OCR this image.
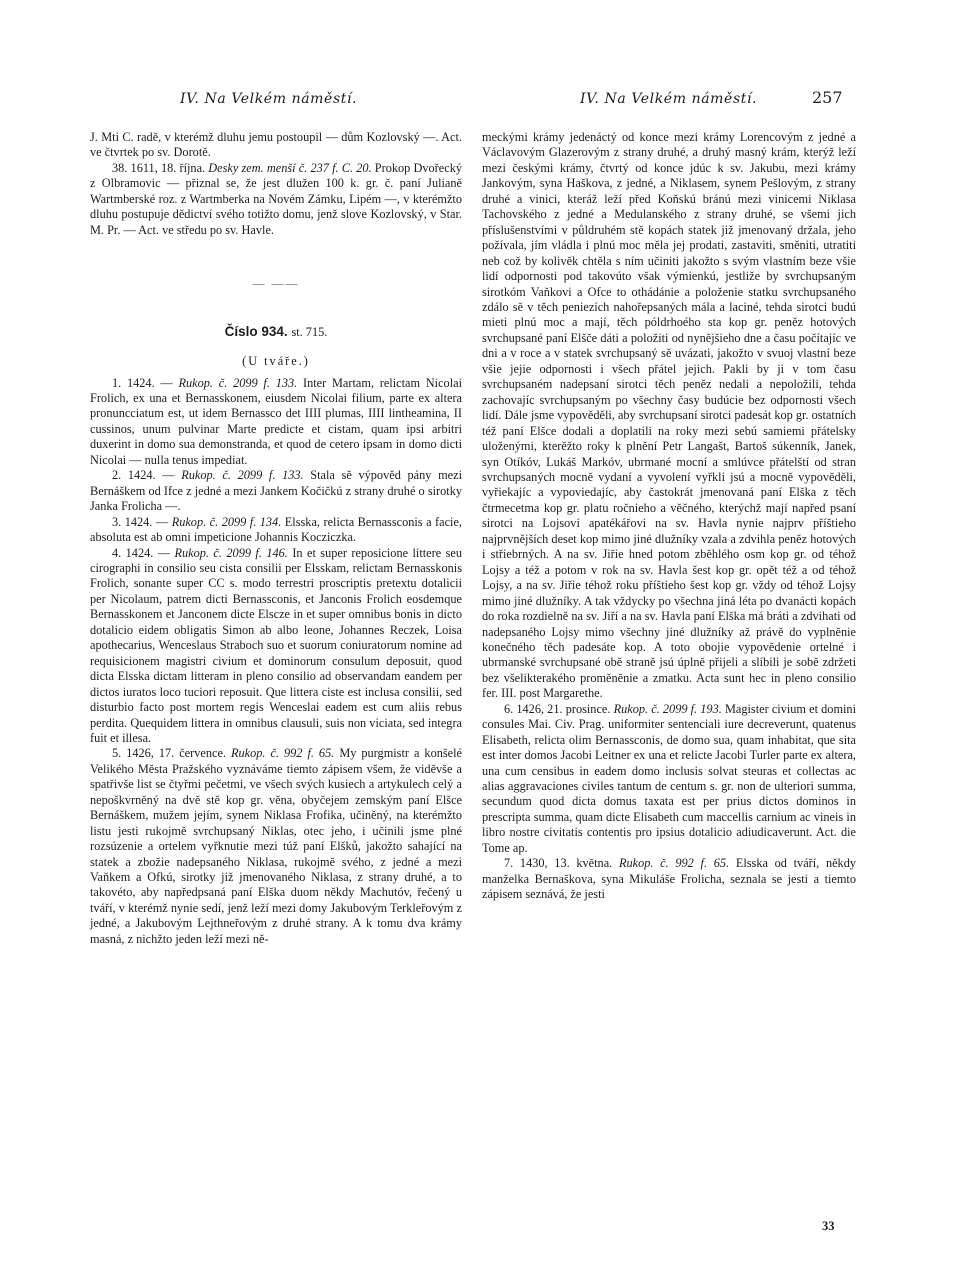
IV. Na Velkém náměstí.	IV. Na Velkém náměstí.	257

J. Mti C. radě, v kterémž dluhu jemu postoupil — dům Kozlovský —. Act. ve čtvrtek po sv. Dorotě.

38. 1611, 18. října. Desky zem. menší č. 237 f. C. 20. Prokop Dvořecký z Olbramovic — přiznal se, že jest dlužen 100 k. gr. č. paní Julianě Wartmberské roz. z Wartmberka na Novém Zámku, Lipém —, v kterémžto dluhu postupuje dědictví svého totižto domu, jenž slove Kozlovský, v Star. M. Pr. — Act. ve středu po sv. Havle.

— ——
Číslo 934. st. 715.
(U tváře.)

1. 1424. — Rukop. č. 2099 f. 133. Inter Martam, relictam Nicolai Frolich, ex una et Bernasskonem, eiusdem Nicolai filium, parte ex altera pronuncciatum est, ut idem Bernassco det IIII plumas, IIII lintheamina, II cussinos, unum pulvinar Marte predicte et cistam, quam ipsi arbitri duxerint in domo sua demonstranda, et quod de cetero ipsam in domo dicti Nicolai — nulla tenus impediat.

2. 1424. — Rukop. č. 2099 f. 133. Stala sě výpověd pány mezi Bernáškem od Ifce z jedné a mezi Jankem Kočičkú z strany druhé o sirotky Janka Frolicha —.

3. 1424. — Rukop. č. 2099 f. 134. Elsska, relicta Bernassconis a facie, absoluta est ab omni impeticione Johannis Kocziczka.

4. 1424. — Rukop. č. 2099 f. 146. In et super reposicione littere seu cirographi in consilio seu cista consilii per Elsskam, relictam Bernasskonis Frolich, sonante super CC s. modo terrestri proscriptis pretextu dotalicii per Nicolaum, patrem dicti Bernassconis, et Janconis Frolich eosdemque Bernasskonem et Janconem dicte Elscze in et super omnibus bonis in dicto dotalicio eidem obligatis Simon ab albo leone, Johannes Reczek, Loisa apothecarius, Wenceslaus Straboch suo et suorum coniuratorum nomine ad requisicionem magistri civium et dominorum consulum deposuit, quod dicta Elsska dictam litteram in pleno consilio ad observandam eandem per dictos iuratos loco tuciori reposuit. Que littera ciste est inclusa consilii, sed disturbio facto post mortem regis Wenceslai eadem est cum aliis rebus perdita. Quequidem littera in omnibus clausuli, suis non viciata, sed integra fuit et illesa.

5. 1426, 17. července. Rukop. č. 992 f. 65. My purgmistr a konšelé Velikého Města Pražského vyznáváme tiemto zápisem všem, že viděvše a spatřivše list se čtyřmi pečetmi, ve všech svých kusiech a artykulech celý a nepoškvrněný na dvě stě kop gr. věna, obyčejem zemským paní Elšce Bernáškem, mužem jejím, synem Niklasa Frofika, učiněný, na kterémžto listu jesti rukojmě svrchupsaný Niklas, otec jeho, i učinili jsme plné rozsúzenie a ortelem vyřknutie mezi túž paní Elšků, jakožto sahající na statek a zbožie nadepsaného Niklasa, rukojmě svého, z jedné a mezi Vaňkem a Ofkú, sirotky již jmenovaného Niklasa, z strany druhé, a to takovéto, aby napředpsaná paní Elška duom někdy Machutóv, řečený u tváří, v kterémž nynie sedí, jenž leží mezi domy Jakubovým Terkleřovým z jedné, a Jakubovým Lejthneřovým z druhé strany. A k tomu dva krámy masná, z nichžto jeden leží mezi ně-

meckými krámy jedenáctý od konce mezi krámy Lorencovým z jedné a Václavovým Glazerovým z strany druhé, a druhý masný krám, kterýž leží mezi českými krámy, čtvrtý od konce jdúc k sv. Jakubu, mezi krámy Jankovým, syna Haškova, z jedné, a Niklasem, synem Pešlovým, z strany druhé a vinici, kteráž leží před Koňskú bránú mezi vinicemi Niklasa Tachovského z jedné a Medulanského z strany druhé, se všemi jich příslušenstvími v půldruhém stě kopách statek již jmenovaný držala, jeho požívala, jím vládla i plnú moc měla jej prodati, zastaviti, směniti, utratiti neb což by kolivěk chtěla s ním učiniti jakožto s svým vlastním beze všie lidí odpornosti pod takovúto však výmienkú, jestliže by svrchupsaným sirotkóm Vaňkovi a Ofce to othádánie a položenie statku svrchupsaného zdálo sě v těch peniezích nahořepsaných mála a laciné, tehda sirotci budú mieti plnú moc a mají, těch póldrhoého sta kop gr. peněz hotových svrchupsané paní Elšče dáti a položiti od nynějšieho dne a času počítajíc ve dni a v roce a v statek svrchupsaný sě uvázati, jakožto v svuoj vlastní beze všie jejie odpornosti i všech přátel jejich. Pakli by ji v tom času svrchupsaném nadepsaní sirotci těch peněz nedali a nepoložili, tehda zachovajíc svrchupsaným po všechny časy budúcie bez odpornosti všech lidí. Dále jsme vypověděli, aby svrchupsaní sirotci padesát kop gr. ostatních též paní Elšce dodali a doplatili na roky mezi sebú samiemi přátelsky uloženými, kterěžto roky k plnění Petr Langašt, Bartoš súkenník, Janek, syn Otíkóv, Lukáš Markóv, ubrmané mocní a smlúvce přátelští od stran svrchupsaných mocně vydaní a vyvolení vyřkli jsú a mocně vypověděli, vyřiekajíc a vypoviedajíc, aby častokrát jmenovaná paní Elška z těch čtrmecetma kop gr. platu ročnieho a věčného, kterýchž mají napřed psaní sirotci na Lojsovi apatékářovi na sv. Havla nynie najprv příštieho najprvnějších deset kop mimo jiné dlužníky vzala a zdvihla peněz hotových i střiebrných. A na sv. Jiřie hned potom zběhlého osm kop gr. od téhož Lojsy a též a potom v rok na sv. Havla šest kop gr. opět též a od téhož Lojsy, a na sv. Jiřie téhož roku příštieho šest kop gr. vždy od téhož Lojsy mimo jiné dlužníky. A tak vždycky po všechna jiná léta po dvanácti kopách do roka rozdielně na sv. Jiří a na sv. Havla paní Elška má bráti a zdvihati od nadepsaného Lojsy mimo všechny jiné dlužníky až právě do vyplněnie konečného těch padesáte kop. A toto obojie vypovědenie ortelné i ubrmanské svrchupsané obě straně jsú úplně přijeli a slíbili je sobě zdržeti bez všelikterakého proměněnie a zmatku. Acta sunt hec in pleno consilio fer. III. post Margarethe.

6. 1426, 21. prosince. Rukop. č. 2099 f. 193. Magister civium et domini consules Mai. Civ. Prag. uniformiter sentenciali iure decreverunt, quatenus Elisabeth, relicta olim Bernassconis, de domo sua, quam inhabitat, que sita est inter domos Jacobi Leitner ex una et relicte Jacobi Turler parte ex altera, una cum censibus in eadem domo inclusis solvat steuras et collectas ac alias aggravaciones civiles tantum de centum s. gr. non de ulteriori summa, secundum quod dicta domus taxata est per prius dictos dominos in prescripta summa, quam dicte Elisabeth cum maccellis carnium ac vineis in libro nostre civitatis contentis pro ipsius dotalicio adiudicaverunt. Act. die Tome ap.

7. 1430, 13. května. Rukop. č. 992 f. 65. Elsska od tváří, někdy manželka Bernaškova, syna Mikuláše Frolicha, seznala se jesti a tiemto zápisem seznává, že jesti

33
